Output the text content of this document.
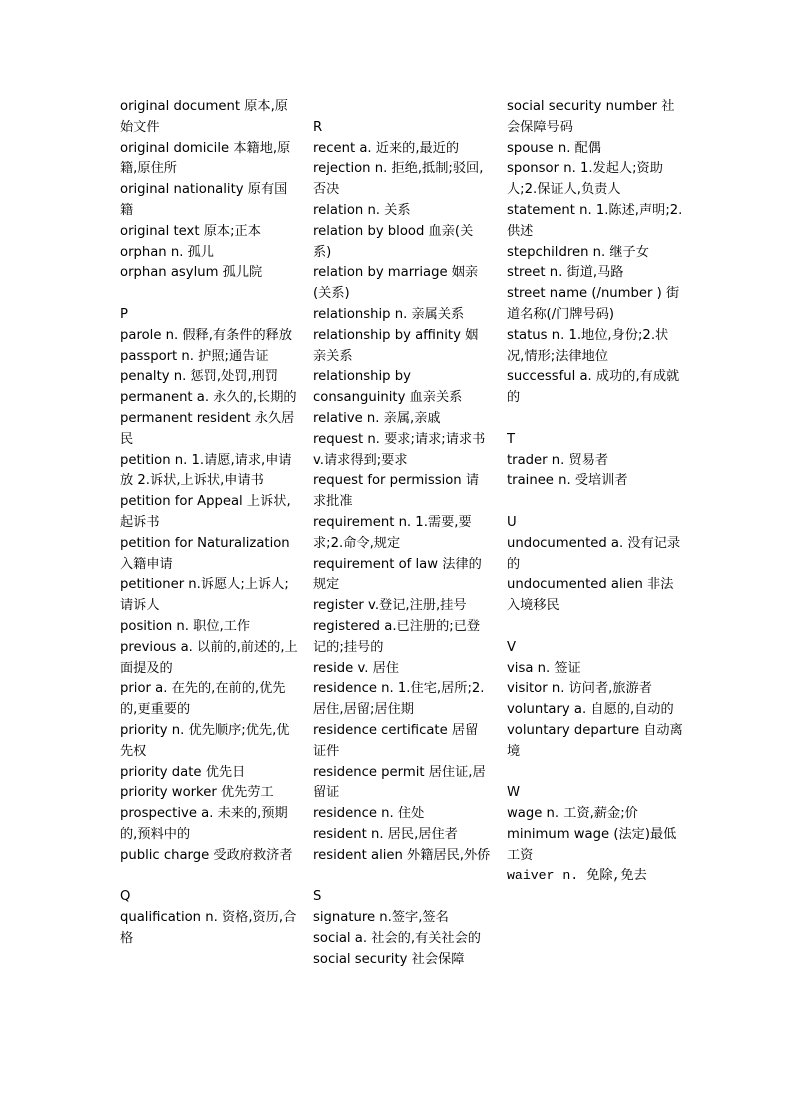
original document 原本,原始文件
original domicile 本籍地,原籍,原住所
original nationality 原有国籍
original text 原本;正本
orphan n. 孤儿
orphan asylum 孤儿院
P
parole n. 假释,有条件的释放
passport n. 护照;通告证
penalty n. 惩罚,处罚,刑罚
permanent a. 永久的,长期的
permanent resident 永久居民
petition n. 1.请愿,请求,申请放 2.诉状,上诉状,申请书
petition for Appeal 上诉状,起诉书
petition for Naturalization 入籍申请
petitioner n.诉愿人;上诉人;请诉人
position n. 职位,工作
previous a. 以前的,前述的,上面提及的
prior a. 在先的,在前的,优先的,更重要的
priority n. 优先顺序;优先,优先权
priority date 优先日
priority worker 优先劳工
prospective a. 未来的,预期的,预料中的
public charge 受政府救济者
Q
qualification n. 资格,资历,合格
R
recent a. 近来的,最近的
rejection n. 拒绝,抵制;驳回,否决
relation n. 关系
relation by blood 血亲(关系)
relation by marriage 姻亲(关系)
relationship n. 亲属关系
relationship by affinity 姻亲关系
relationship by consanguinity 血亲关系
relative n. 亲属,亲戚
request n. 要求;请求;请求书 v.请求得到;要求
request for permission 请求批准
requirement n. 1.需要,要求;2.命令,规定
requirement of law 法律的规定
register v.登记,注册,挂号
registered a.已注册的;已登记的;挂号的
reside v. 居住
residence n. 1.住宅,居所;2.居住,居留;居住期
residence certificate 居留证件
residence permit 居住证,居留证
residence n. 住处
resident n. 居民,居住者
resident alien 外籍居民,外侨
S
signature n.签字,签名
social a. 社会的,有关社会的
social security 社会保障
social security number 社会保障号码
spouse n. 配偶
sponsor n. 1.发起人;资助人;2.保证人,负责人
statement n. 1.陈述,声明;2.供述
stepchildren n. 继子女
street n. 街道,马路
street name (/number ) 街道名称(/门牌号码)
status n. 1.地位,身份;2.状况,情形;法律地位
successful a. 成功的,有成就的
T
trader n. 贸易者
trainee n. 受培训者
U
undocumented a. 没有记录的
undocumented alien 非法入境移民
V
visa n. 签证
visitor n. 访问者,旅游者
voluntary a. 自愿的,自动的
voluntary departure 自动离境
W
wage n. 工资,薪金;价
minimum wage (法定)最低工资
waiver n. 免除,免去
